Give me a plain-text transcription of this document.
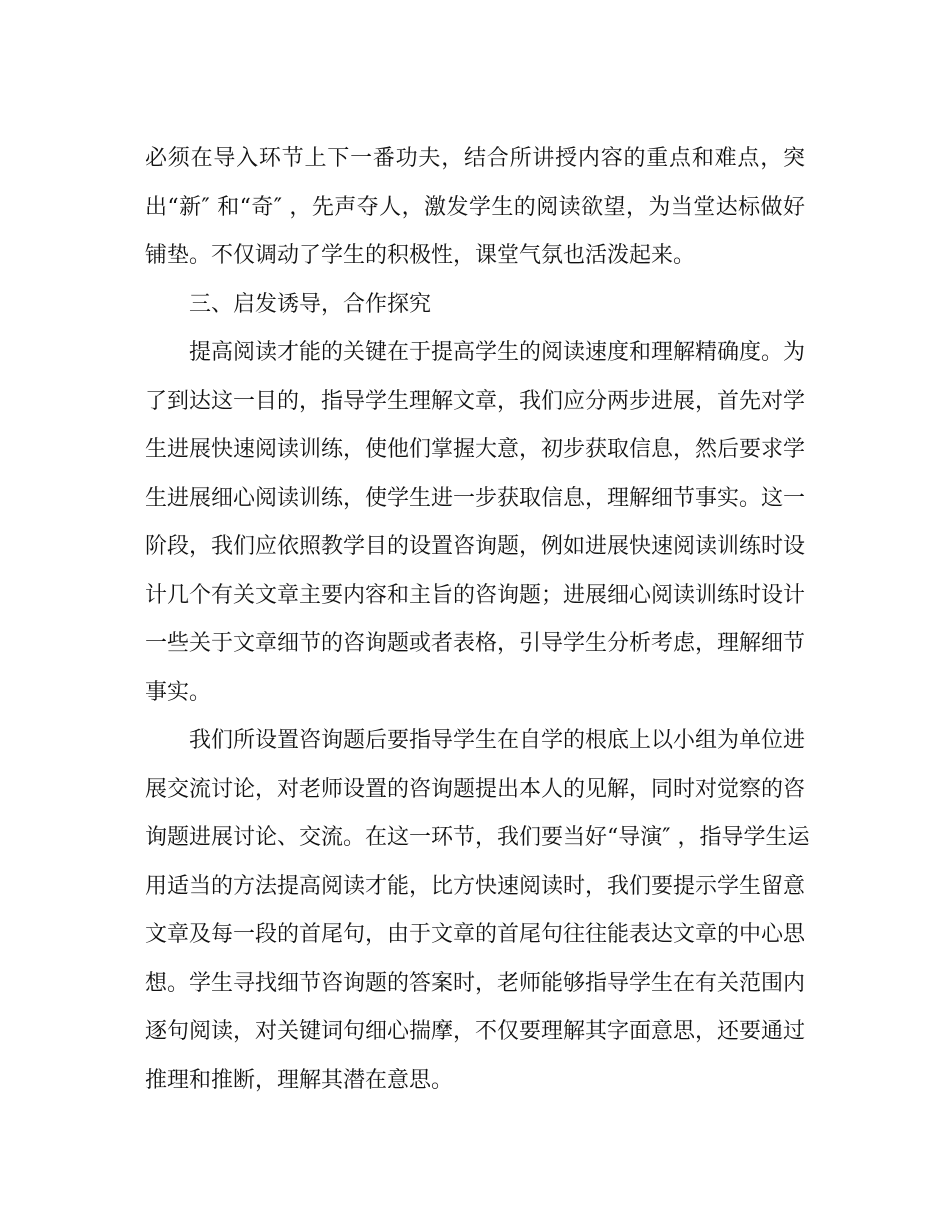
必须在导入环节上下一番功夫，结合所讲授内容的重点和难点，突
出“新″ 和“奇″ ，先声夺人，激发学生的阅读欲望，为当堂达标做好
铺垫。不仅调动了学生的积极性，课堂气氛也活泼起来。
三、启发诱导，合作探究
提高阅读才能的关键在于提高学生的阅读速度和理解精确度。为
了到达这一目的，指导学生理解文章，我们应分两步进展，首先对学
生进展快速阅读训练，使他们掌握大意，初步获取信息，然后要求学
生进展细心阅读训练，使学生进一步获取信息，理解细节事实。这一
阶段，我们应依照教学目的设置咨询题，例如进展快速阅读训练时设
计几个有关文章主要内容和主旨的咨询题；进展细心阅读训练时设计
一些关于文章细节的咨询题或者表格，引导学生分析考虑，理解细节
事实。
我们所设置咨询题后要指导学生在自学的根底上以小组为单位进
展交流讨论，对老师设置的咨询题提出本人的见解，同时对觉察的咨
询题进展讨论、交流。在这一环节，我们要当好“导演″ ，指导学生运
用适当的方法提高阅读才能，比方快速阅读时，我们要提示学生留意
文章及每一段的首尾句，由于文章的首尾句往往能表达文章的中心思
想。学生寻找细节咨询题的答案时，老师能够指导学生在有关范围内
逐句阅读，对关键词句细心揣摩，不仅要理解其字面意思，还要通过
推理和推断，理解其潜在意思。
